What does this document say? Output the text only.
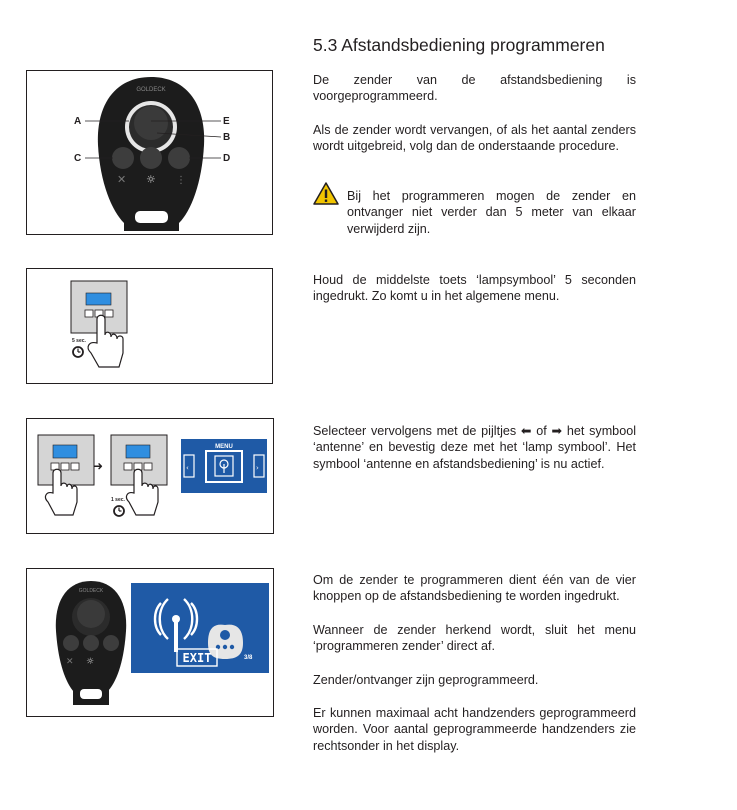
5.3 Afstandsbediening programmeren

De zender van de afstandsbediening is voorgeprogrammeerd.

Als de zender wordt vervangen, of als het aantal zenders wordt uitgebreid, volg dan de onderstaande procedure.

Bij het programmeren mogen de zender en ontvanger niet verder dan 5 meter van elkaar verwijderd zijn.

Houd de middelste toets ‘lampsymbool’ 5 seconden ingedrukt. Zo komt u in het algemene menu.

Selecteer vervolgens met de pijltjes ⬅ of ➡ het symbool ‘antenne’ en bevestig deze met het ‘lamp symbool’. Het symbool ‘antenne en afstandsbediening’ is nu actief.

Om de zender te programmeren dient één van de vier knoppen op de afstandsbediening te worden ingedrukt.

Wanneer de zender herkend wordt, sluit het menu ‘programmeren zender’ direct af.

Zender/ontvanger zijn geprogrammeerd.

Er kunnen maximaal acht handzenders geprogrammeerd worden. Voor aantal geprogrammeerde handzenders zie rechtsonder in het display.

GOLDECK
✕ ☼ ⋮
A	E
B
C	D
5 sec.
➜
1 sec.
MENU
‹	›
GOLDECK
✕ ☼	EXIT	3/8
